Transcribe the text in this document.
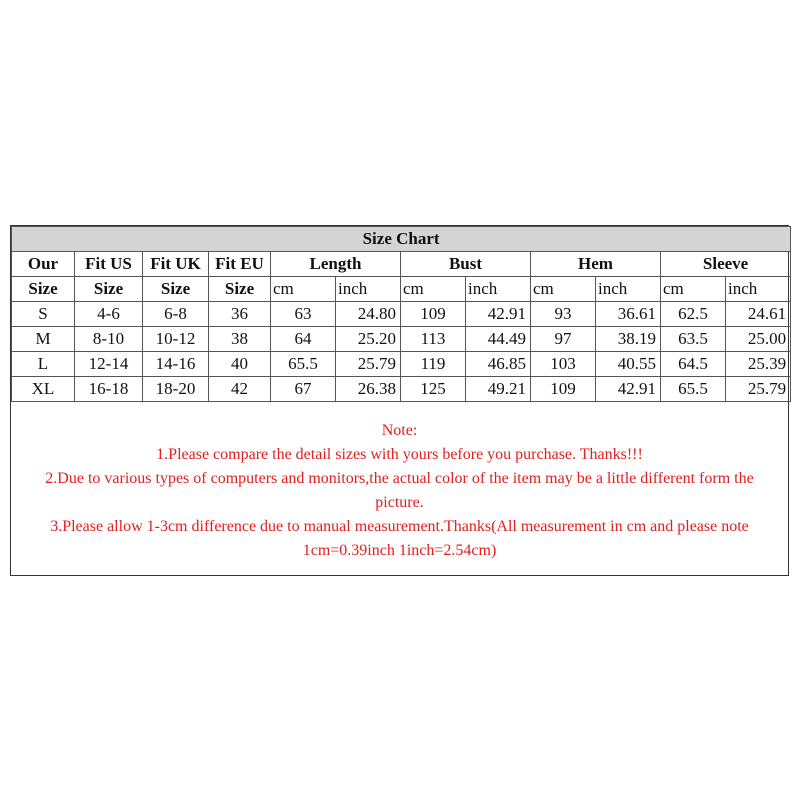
Size Chart											
Our	Fit US	Fit UK	Fit EU	Length		Bust		Hem		Sleeve	
Size	Size	Size	Size	cm	inch	cm	inch	cm	inch	cm	inch
S	4-6	6-8	36	63	24.80	109	42.91	93	36.61	62.5	24.61
M	8-10	10-12	38	64	25.20	113	44.49	97	38.19	63.5	25.00
L	12-14	14-16	40	65.5	25.79	119	46.85	103	40.55	64.5	25.39
XL	16-18	18-20	42	67	26.38	125	49.21	109	42.91	65.5	25.79
Note:
1.Please compare the detail sizes with yours before you purchase. Thanks!!!
2.Due to various types of computers and monitors,the actual color of the item may be a little different form the picture.
3.Please allow 1-3cm difference due to manual measurement.Thanks(All measurement in cm and please note 1cm=0.39inch 1inch=2.54cm)
